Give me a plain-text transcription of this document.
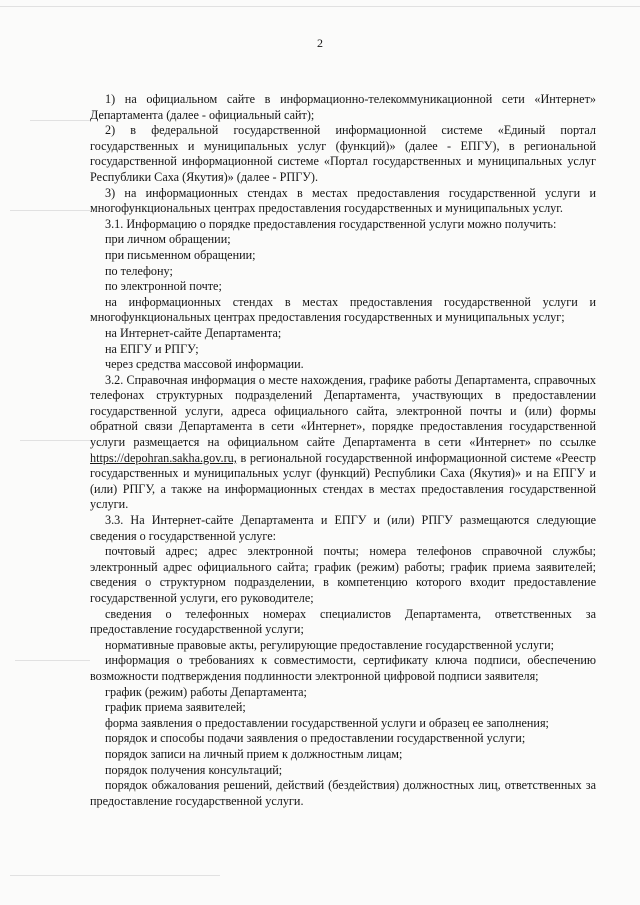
2

1) на официальном сайте в информационно-телекоммуникационной сети «Интернет» Департамента (далее - официальный сайт);

2) в федеральной государственной информационной системе «Единый портал государственных и муниципальных услуг (функций)» (далее - ЕПГУ), в региональной государственной информационной системе «Портал государственных и муниципальных услуг Республики Саха (Якутия)» (далее - РПГУ).

3) на информационных стендах в местах предоставления государственной услуги и многофункциональных центрах предоставления государственных и муниципальных услуг.

3.1. Информацию о порядке предоставления государственной услуги можно получить:

при личном обращении;

при письменном обращении;

по телефону;

по электронной почте;

на информационных стендах в местах предоставления государственной услуги и многофункциональных центрах предоставления государственных и муниципальных услуг;

на Интернет-сайте Департамента;

на ЕПГУ и РПГУ;

через средства массовой информации.

3.2. Справочная информация о месте нахождения, графике работы Департамента, справочных телефонах структурных подразделений Департамента, участвующих в предоставлении государственной услуги, адреса официального сайта, электронной почты и (или) формы обратной связи Департамента в сети «Интернет», порядке предоставления государственной услуги размещается на официальном сайте Департамента в сети «Интернет» по ссылке https://depohran.sakha.gov.ru, в региональной государственной информационной системе «Реестр государственных и муниципальных услуг (функций) Республики Саха (Якутия)» и на ЕПГУ и (или) РПГУ, а также на информационных стендах в местах предоставления государственной услуги.

3.3. На Интернет-сайте Департамента и ЕПГУ и (или) РПГУ размещаются следующие сведения о государственной услуге:

почтовый адрес; адрес электронной почты; номера телефонов справочной службы; электронный адрес официального сайта; график (режим) работы; график приема заявителей; сведения о структурном подразделении, в компетенцию которого входит предоставление государственной услуги, его руководителе;

сведения о телефонных номерах специалистов Департамента, ответственных за предоставление государственной услуги;

нормативные правовые акты, регулирующие предоставление государственной услуги;

информация о требованиях к совместимости, сертификату ключа подписи, обеспечению возможности подтверждения подлинности электронной цифровой подписи заявителя;

график (режим) работы Департамента;

график приема заявителей;

форма заявления о предоставлении государственной услуги и образец ее заполнения;

порядок и способы подачи заявления о предоставлении государственной услуги;

порядок записи на личный прием к должностным лицам;

порядок получения консультаций;

порядок обжалования решений, действий (бездействия) должностных лиц, ответственных за предоставление государственной услуги.
